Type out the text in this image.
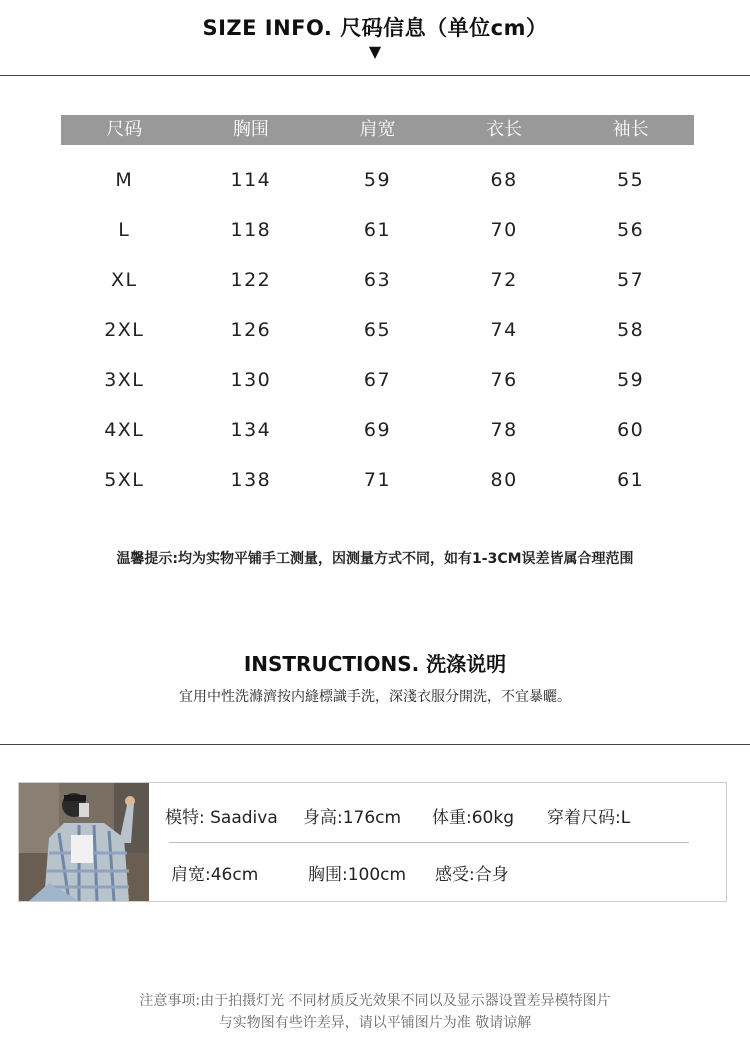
SIZE INFO. 尺码信息（单位cm）
▼
尺码	胸围	肩宽	衣长	袖长
M	114	59	68	55
L	118	61	70	56
XL	122	63	72	57
2XL	126	65	74	58
3XL	130	67	76	59
4XL	134	69	78	60
5XL	138	71	80	61
温馨提示:均为实物平铺手工测量，因测量方式不同，如有1-3CM误差皆属合理范围
INSTRUCTIONS. 洗涤说明
宜用中性洗滌濟按内縫標識手洗，深淺衣服分開洗，不宜暴曬。
模特: Saadiva 身高:176cm 体重:60kg 穿着尺码:L
肩宽:46cm	胸围:100cm 感受:合身
注意事项:由于拍摄灯光 不同材质反光效果不同以及显示器设置差异模特图片
与实物图有些许差异，请以平铺图片为准 敬请谅解
